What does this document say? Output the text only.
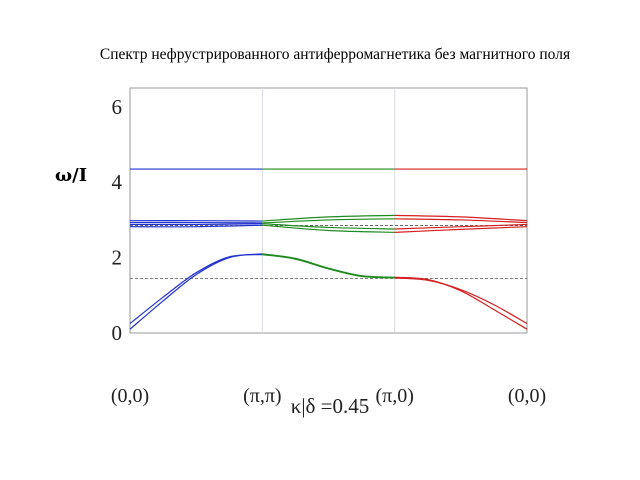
Спектр нефрустрированного антиферромагнетика без магнитного поля
0
2
4
6
(0,0)	(π,π)	(π,0)	(0,0)
ω/I
κ|δ =0.45
